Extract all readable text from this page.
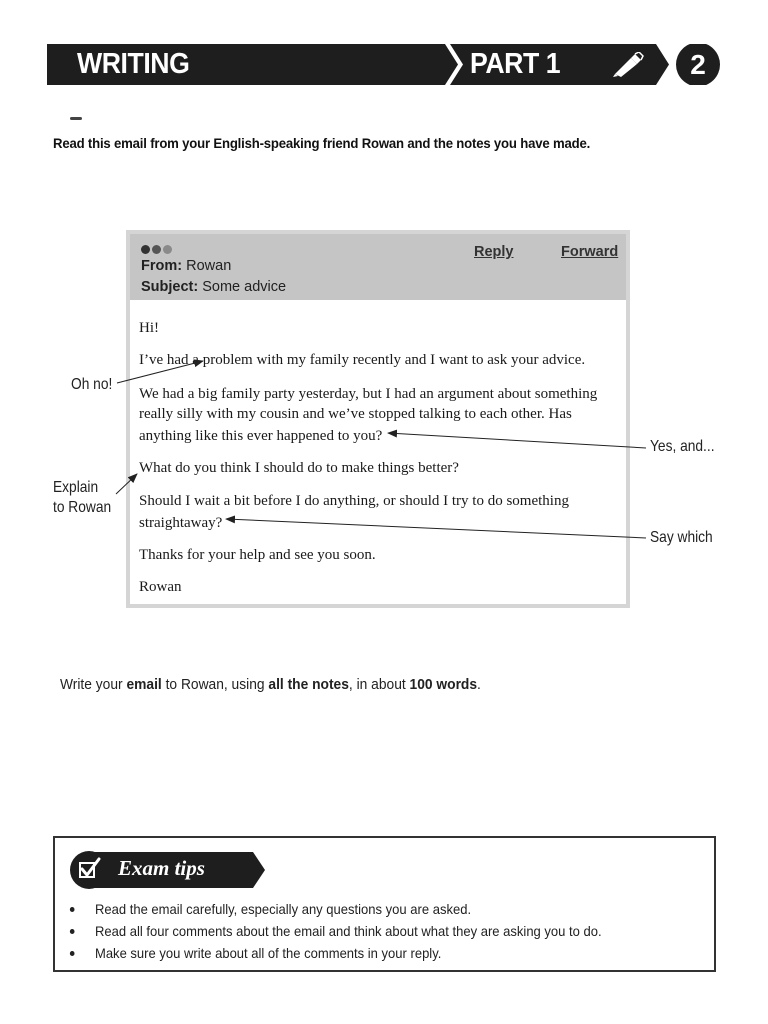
WRITING	PART 1	2
Read this email from your English-speaking friend Rowan and the notes you have made.
Reply	Forward
From: Rowan
Subject: Some advice

Hi!

I’ve had a problem with my family recently and I want to ask your advice.

We had a big family party yesterday, but I had an argument about something

really silly with my cousin and we’ve stopped talking to each other. Has

anything like this ever happened to you?

What do you think I should do to make things better?

Should I wait a bit before I do anything, or should I try to do something

straightaway?

Thanks for your help and see you soon.

Rowan

Oh no!
Explain
to Rowan
Yes, and...
Say which
Write your email to Rowan, using all the notes, in about 100 words.
Exam tips
Read the email carefully, especially any questions you are asked.
Read all four comments about the email and think about what they are asking you to do.
Make sure you write about all of the comments in your reply.
